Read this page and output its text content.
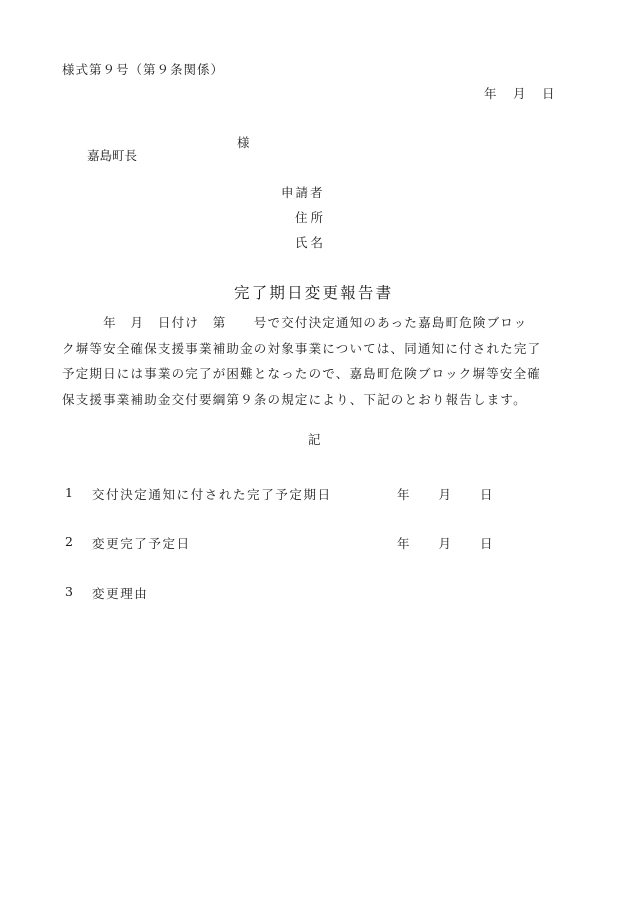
様式第９号（第９条関係）
年　 月　 日

嘉島町長

様

申請者
住所
氏名
完了期日変更報告書
　　　年　月　日付け　第　　号で交付決定通知のあった嘉島町危険ブロッ
ク塀等安全確保支援事業補助金の対象事業については、同通知に付された完了
予定期日には事業の完了が困難となったので、嘉島町危険ブロック塀等安全確
保支援事業補助金交付要綱第９条の規定により、下記のとおり報告します。
記
1 交付決定通知に付された完了予定期日	年　　 月　　 日
2 変更完了予定日	年　　 月　　 日
3 変更理由
